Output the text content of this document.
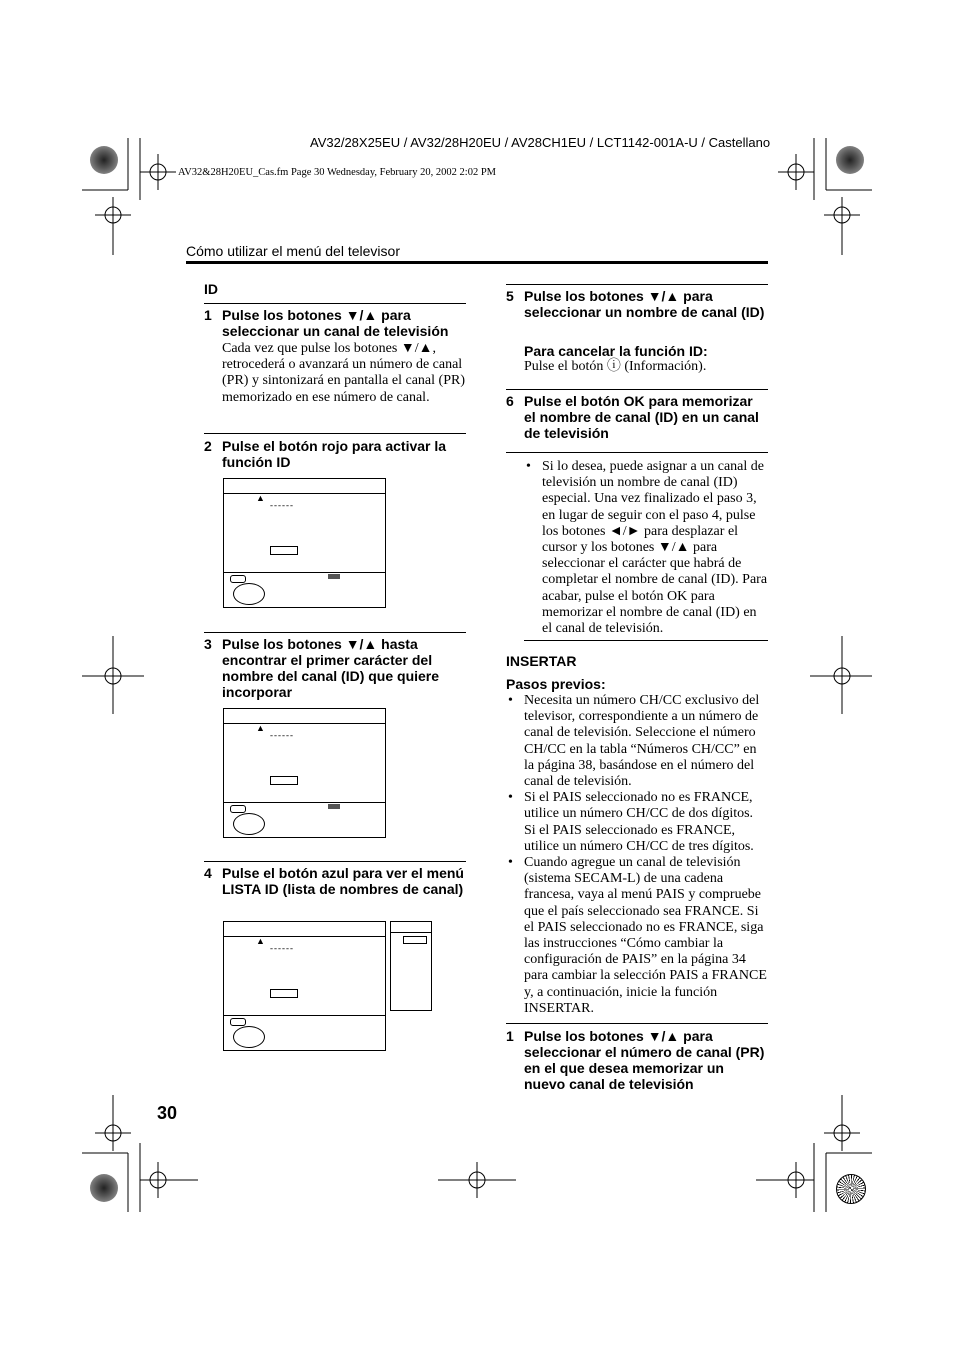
AV32/28X25EU / AV32/28H20EU / AV28CH1EU / LCT1142-001A-U / Castellano
AV32&28H20EU_Cas.fm Page 30 Wednesday, February 20, 2002 2:02 PM
Cómo utilizar el menú del televisor
ID
1 Pulse los botones ▼/▲ para seleccionar un canal de televisión
Cada vez que pulse los botones ▼/▲, retrocederá o avanzará un número de canal (PR) y sintonizará en pantalla el canal (PR) memorizado en ese número de canal.
2 Pulse el botón rojo para activar la función ID
▲
------
3 Pulse los botones ▼/▲ hasta encontrar el primer carácter del nombre del canal (ID) que quiere incorporar
▲
------
4 Pulse el botón azul para ver el menú LISTA ID (lista de nombres de canal)
▲
------
30
5 Pulse los botones ▼/▲ para seleccionar un nombre de canal (ID)
Para cancelar la función ID:
Pulse el botón ⓘ (Información).
6 Pulse el botón OK para memorizar el nombre de canal (ID) en un canal de televisión
• Si lo desea, puede asignar a un canal de televisión un nombre de canal (ID) especial. Una vez finalizado el paso 3, en lugar de seguir con el paso 4, pulse los botones ◄/► para desplazar el cursor y los botones ▼/▲ para seleccionar el carácter que habrá de completar el nombre de canal (ID). Para acabar, pulse el botón OK para memorizar el nombre de canal (ID) en el canal de televisión.
INSERTAR
Pasos previos:
• Necesita un número CH/CC exclusivo del televisor, correspondiente a un número de canal de televisión. Seleccione el número CH/CC en la tabla “Números CH/CC” en la página 38, basándose en el número del canal de televisión.
• Si el PAIS seleccionado no es FRANCE, utilice un número CH/CC de dos dígitos. Si el PAIS seleccionado es FRANCE, utilice un número CH/CC de tres dígitos.
• Cuando agregue un canal de televisión (sistema SECAM-L) de una cadena francesa, vaya al menú PAIS y compruebe que el país seleccionado sea FRANCE. Si el PAIS seleccionado no es FRANCE, siga las instrucciones “Cómo cambiar la configuración de PAIS” en la página 34 para cambiar la selección PAIS a FRANCE y, a continuación, inicie la función INSERTAR.
1 Pulse los botones ▼/▲ para seleccionar el número de canal (PR) en el que desea memorizar un nuevo canal de televisión
